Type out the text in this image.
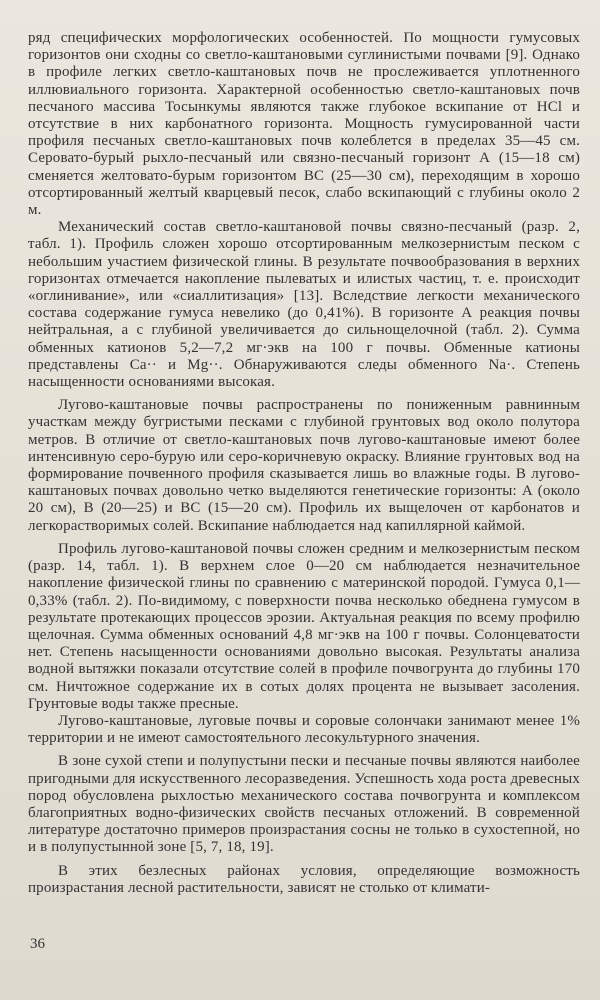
ряд специфических морфологических особенностей. По мощности гумусовых горизонтов они сходны со светло-каштановыми суглинистыми почвами [9]. Однако в профиле легких светло-каштановых почв не прослеживается уплотненного иллювиального горизонта. Характерной особенностью светло-каштановых почв песчаного массива Тосынкумы являются также глубокое вскипание от HCl и отсутствие в них карбонатного горизонта. Мощность гумусированной части профиля песчаных светло-каштановых почв колеблется в пределах 35—45 см. Серовато-бурый рыхло-песчаный или связно-песчаный горизонт А (15—18 см) сменяется желтовато-бурым горизонтом ВС (25—30 см), переходящим в хорошо отсортированный желтый кварцевый песок, слабо вскипающий с глубины около 2 м.

Механический состав светло-каштановой почвы связно-песчаный (разр. 2, табл. 1). Профиль сложен хорошо отсортированным мелкозернистым песком с небольшим участием физической глины. В результате почвообразования в верхних горизонтах отмечается накопление пылеватых и илистых частиц, т. е. происходит «оглинивание», или «сиаллитизация» [13]. Вследствие легкости механического состава содержание гумуса невелико (до 0,41%). В горизонте А реакция почвы нейтральная, а с глубиной увеличивается до сильнощелочной (табл. 2). Сумма обменных катионов 5,2—7,2 мг·экв на 100 г почвы. Обменные катионы представлены Ca·· и Mg··. Обнаруживаются следы обменного Na·. Степень насыщенности основаниями высокая.

Лугово-каштановые почвы распространены по пониженным равнинным участкам между бугристыми песками с глубиной грунтовых вод около полутора метров. В отличие от светло-каштановых почв лугово-каштановые имеют более интенсивную серо-бурую или серо-коричневую окраску. Влияние грунтовых вод на формирование почвенного профиля сказывается лишь во влажные годы. В лугово-каштановых почвах довольно четко выделяются генетические горизонты: А (около 20 см), В (20—25) и ВС (15—20 см). Профиль их выщелочен от карбонатов и легкорастворимых солей. Вскипание наблюдается над капиллярной каймой.

Профиль лугово-каштановой почвы сложен средним и мелкозернистым песком (разр. 14, табл. 1). В верхнем слое 0—20 см наблюдается незначительное накопление физической глины по сравнению с материнской породой. Гумуса 0,1—0,33% (табл. 2). По-видимому, с поверхности почва несколько обеднена гумусом в результате протекающих процессов эрозии. Актуальная реакция по всему профилю щелочная. Сумма обменных оснований 4,8 мг·экв на 100 г почвы. Солонцеватости нет. Степень насыщенности основаниями довольно высокая. Результаты анализа водной вытяжки показали отсутствие солей в профиле почвогрунта до глубины 170 см. Ничтожное содержание их в сотых долях процента не вызывает засоления. Грунтовые воды также пресные.

Лугово-каштановые, луговые почвы и соровые солончаки занимают менее 1% территории и не имеют самостоятельного лесокультурного значения.

В зоне сухой степи и полупустыни пески и песчаные почвы являются наиболее пригодными для искусственного лесоразведения. Успешность хода роста древесных пород обусловлена рыхлостью механического состава почвогрунта и комплексом благоприятных водно-физических свойств песчаных отложений. В современной литературе достаточно примеров произрастания сосны не только в сухостепной, но и в полупустынной зоне [5, 7, 18, 19].

В этих безлесных районах условия, определяющие возможность произрастания лесной растительности, зависят не столько от климати-

36
